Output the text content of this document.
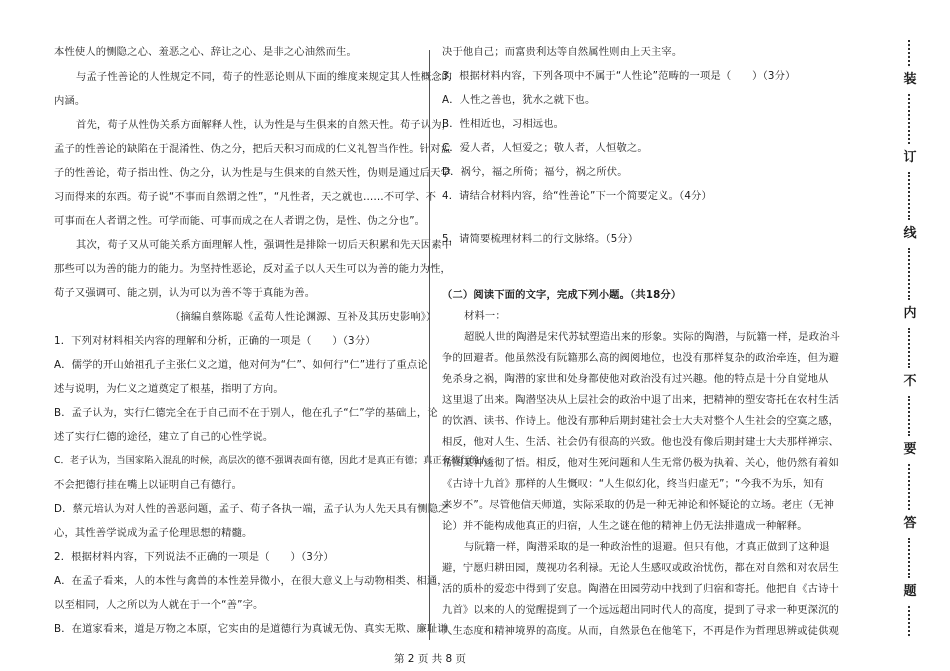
本性使人的恻隐之心、羞恶之心、辞让之心、是非之心油然而生。
与孟子性善论的人性规定不同，荀子的性恶论则从下面的维度来规定其人性概念的
内涵。
首先，荀子从性伪关系方面解释人性，认为性是与生俱来的自然天性。荀子认为，
孟子的性善论的缺陷在于混淆性、伪之分，把后天积习而成的仁义礼智当作性。针对孟
子的性善论，荀子指出性、伪之分，认为性是与生俱来的自然天性，伪则是通过后天学
习而得来的东西。荀子说“不事而自然谓之性”，“凡性者，天之就也……不可学、不
可事而在人者谓之性。可学而能、可事而成之在人者谓之伪，是性、伪之分也”。
其次，荀子又从可能关系方面理解人性，强调性是排除一切后天积累和先天因素中
那些可以为善的能力的能力。为坚持性恶论，反对孟子以人天生可以为善的能力为性，
荀子又强调可、能之别，认为可以为善不等于真能为善。
（摘编自蔡陈聪《孟荀人性论渊源、互补及其历史影响》）
1．下列对材料相关内容的理解和分析，正确的一项是（　　）（3分）
A．儒学的开山始祖孔子主张仁义之道，他对何为“仁”、如何行“仁”进行了重点论
述与说明，为仁义之道奠定了根基，指明了方向。
B．孟子认为，实行仁德完全在于自己而不在于别人，他在孔子“仁”学的基础上，论
述了实行仁德的途径，建立了自己的心性学说。
C．老子认为，当国家陷入混乱的时候，高层次的德不强调表面有德，因此才是真正有德；真正有德行的人，
不会把德行挂在嘴上以证明自己有德行。
D．蔡元培认为对人性的善恶问题，孟子、荀子各执一端，孟子认为人先天具有恻隐之
心，其性善学说成为孟子伦理思想的精髓。
2．根据材料内容，下列说法不正确的一项是（　　）（3分）
A．在孟子看来，人的本性与禽兽的本性差异微小，在很大意义上与动物相类、相通，
以至相同，人之所以为人就在于一个“善”字。
B．在道家看来，道是万物之本原，它实由的是道德行为真诚无伪、真实无欺、廉耻谦
决于他自己；而富贵利达等自然属性则由上天主宰。
3．根据材料内容，下列各项中不属于“人性论”范畴的一项是（　　）（3分）
A．人性之善也，犹水之就下也。
B．性相近也，习相远也。
C．爱人者，人恒爱之；敬人者，人恒敬之。
D．祸兮，福之所倚；福兮，祸之所伏。
4．请结合材料内容，给“性善论”下一个简要定义。（4分）
5．请简要梳理材料二的行文脉络。（5分）
（二）阅读下面的文字，完成下列小题。（共18分）
材料一：
超脱人世的陶潜是宋代苏轼塑造出来的形象。实际的陶潜，与阮籍一样，是政治斗
争的回避者。他虽然没有阮籍那么高的阀阅地位，也没有那样复杂的政治牵连，但为避
免杀身之祸，陶潜的家世和处身都使他对政治没有过兴趣。他的特点是十分自觉地从
这里退了出来。陶潜坚决从上层社会的政治中退了出来，把精神的塑安寄托在农村生活
的饮酒、读书、作诗上。他没有那种后期封建社会士大夫对整个人生社会的空寞之感，
相反，他对人生、生活、社会仍有很高的兴致。他也没有像后期封建士大夫那样禅宗、
希图某种透彻了悟。相反，他对生死问题和人生无常仍极为执着、关心，他仍然有着如
《古诗十九首》那样的人生慨叹：“人生似幻化，终当归虚无”；“今我不为乐，知有
来岁不”。尽管他信天师道，实际采取的仍是一种无神论和怀疑论的立场。老庄（无神
论）并不能构成他真正的归宿，人生之谜在他的精神上仍无法排遣成一种解释。
与阮籍一样，陶潜采取的是一种政治性的退避。但只有他，才真正做到了这种退
避，宁愿归耕田园，蔑视功名利禄。无论人生感叹或政治忧伤，都在对自然和对农居生
活的质朴的爱恋中得到了安息。陶潜在田园劳动中找到了归宿和寄托。他把自《古诗十
九首》以来的人的觉醒提到了一个远远超出同时代人的高度，提到了寻求一种更深沉的
人生态度和精神境界的高度。从而，自然景色在他笔下，不再是作为哲理思辨或徒供观
第 2 页 共 8 页
装
订
线
内
不
要
答
题
